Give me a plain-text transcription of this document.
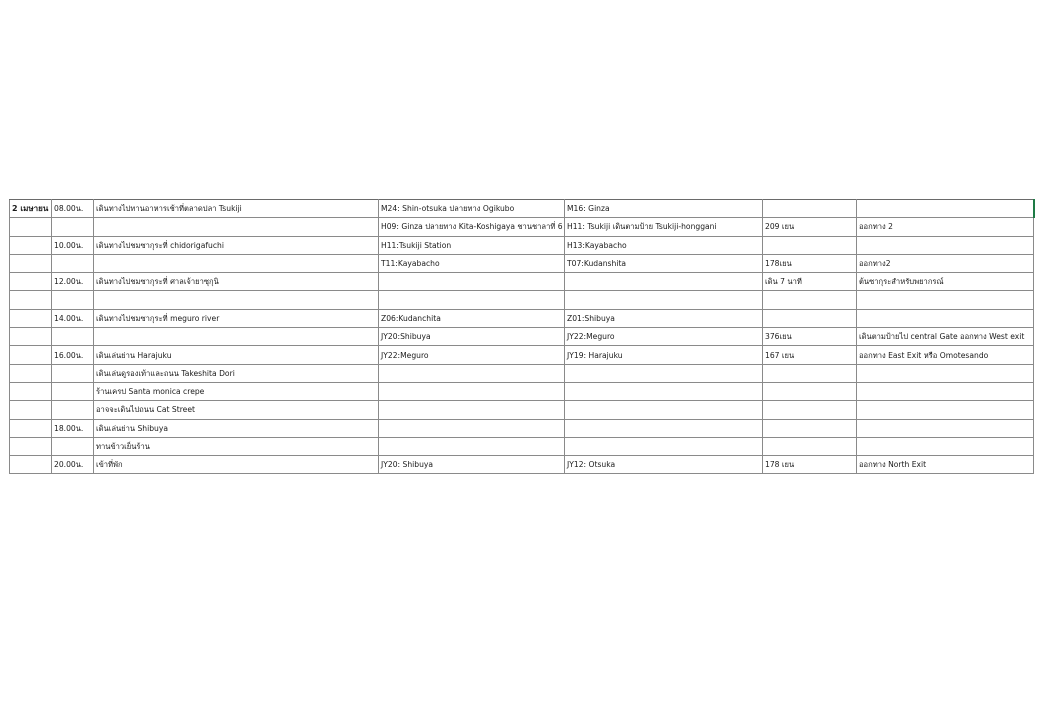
2 เมษายน	08.00น.	เดินทางไปทานอาหารเช้าที่ตลาดปลา Tsukiji	M24: Shin-otsuka ปลายทาง Ogikubo	M16: Ginza		
			H09: Ginza ปลายทาง Kita-Koshigaya ชานชาลาที่ 6	H11: Tsukiji เดินตามป้าย Tsukiji-honggani	209 เยน	ออกทาง 2
	10.00น.	เดินทางไปชมซากุระที่ chidorigafuchi	H11:Tsukiji Station	H13:Kayabacho		
			T11:Kayabacho	T07:Kudanshita	178เยน	ออกทาง2
	12.00น.	เดินทางไปชมซากุระที่ ศาลเจ้ายาซุกุนิ			เดิน 7 นาที	ต้นซากุระสำหรับพยากรณ์

	14.00น.	เดินทางไปชมซากุระที่ meguro river	Z06:Kudanchita	Z01:Shibuya		
			JY20:Shibuya	JY22:Meguro	376เยน	เดินตามป้ายไป central Gate ออกทาง West exit
	16.00น.	เดินเล่นย่าน Harajuku	JY22:Meguro	JY19: Harajuku	167 เยน	ออกทาง East Exit หรือ Omotesando
		เดินเล่นดูรองเท้าและถนน Takeshita Dori				
		ร้านเครป Santa monica crepe				
		อาจจะเดินไปถนน Cat Street				
	18.00น.	เดินเล่นย่าน Shibuya				
		ทานข้าวเย็นร้าน				
	20.00น.	เข้าที่พัก	JY20: Shibuya	JY12: Otsuka	178 เยน	ออกทาง North Exit
